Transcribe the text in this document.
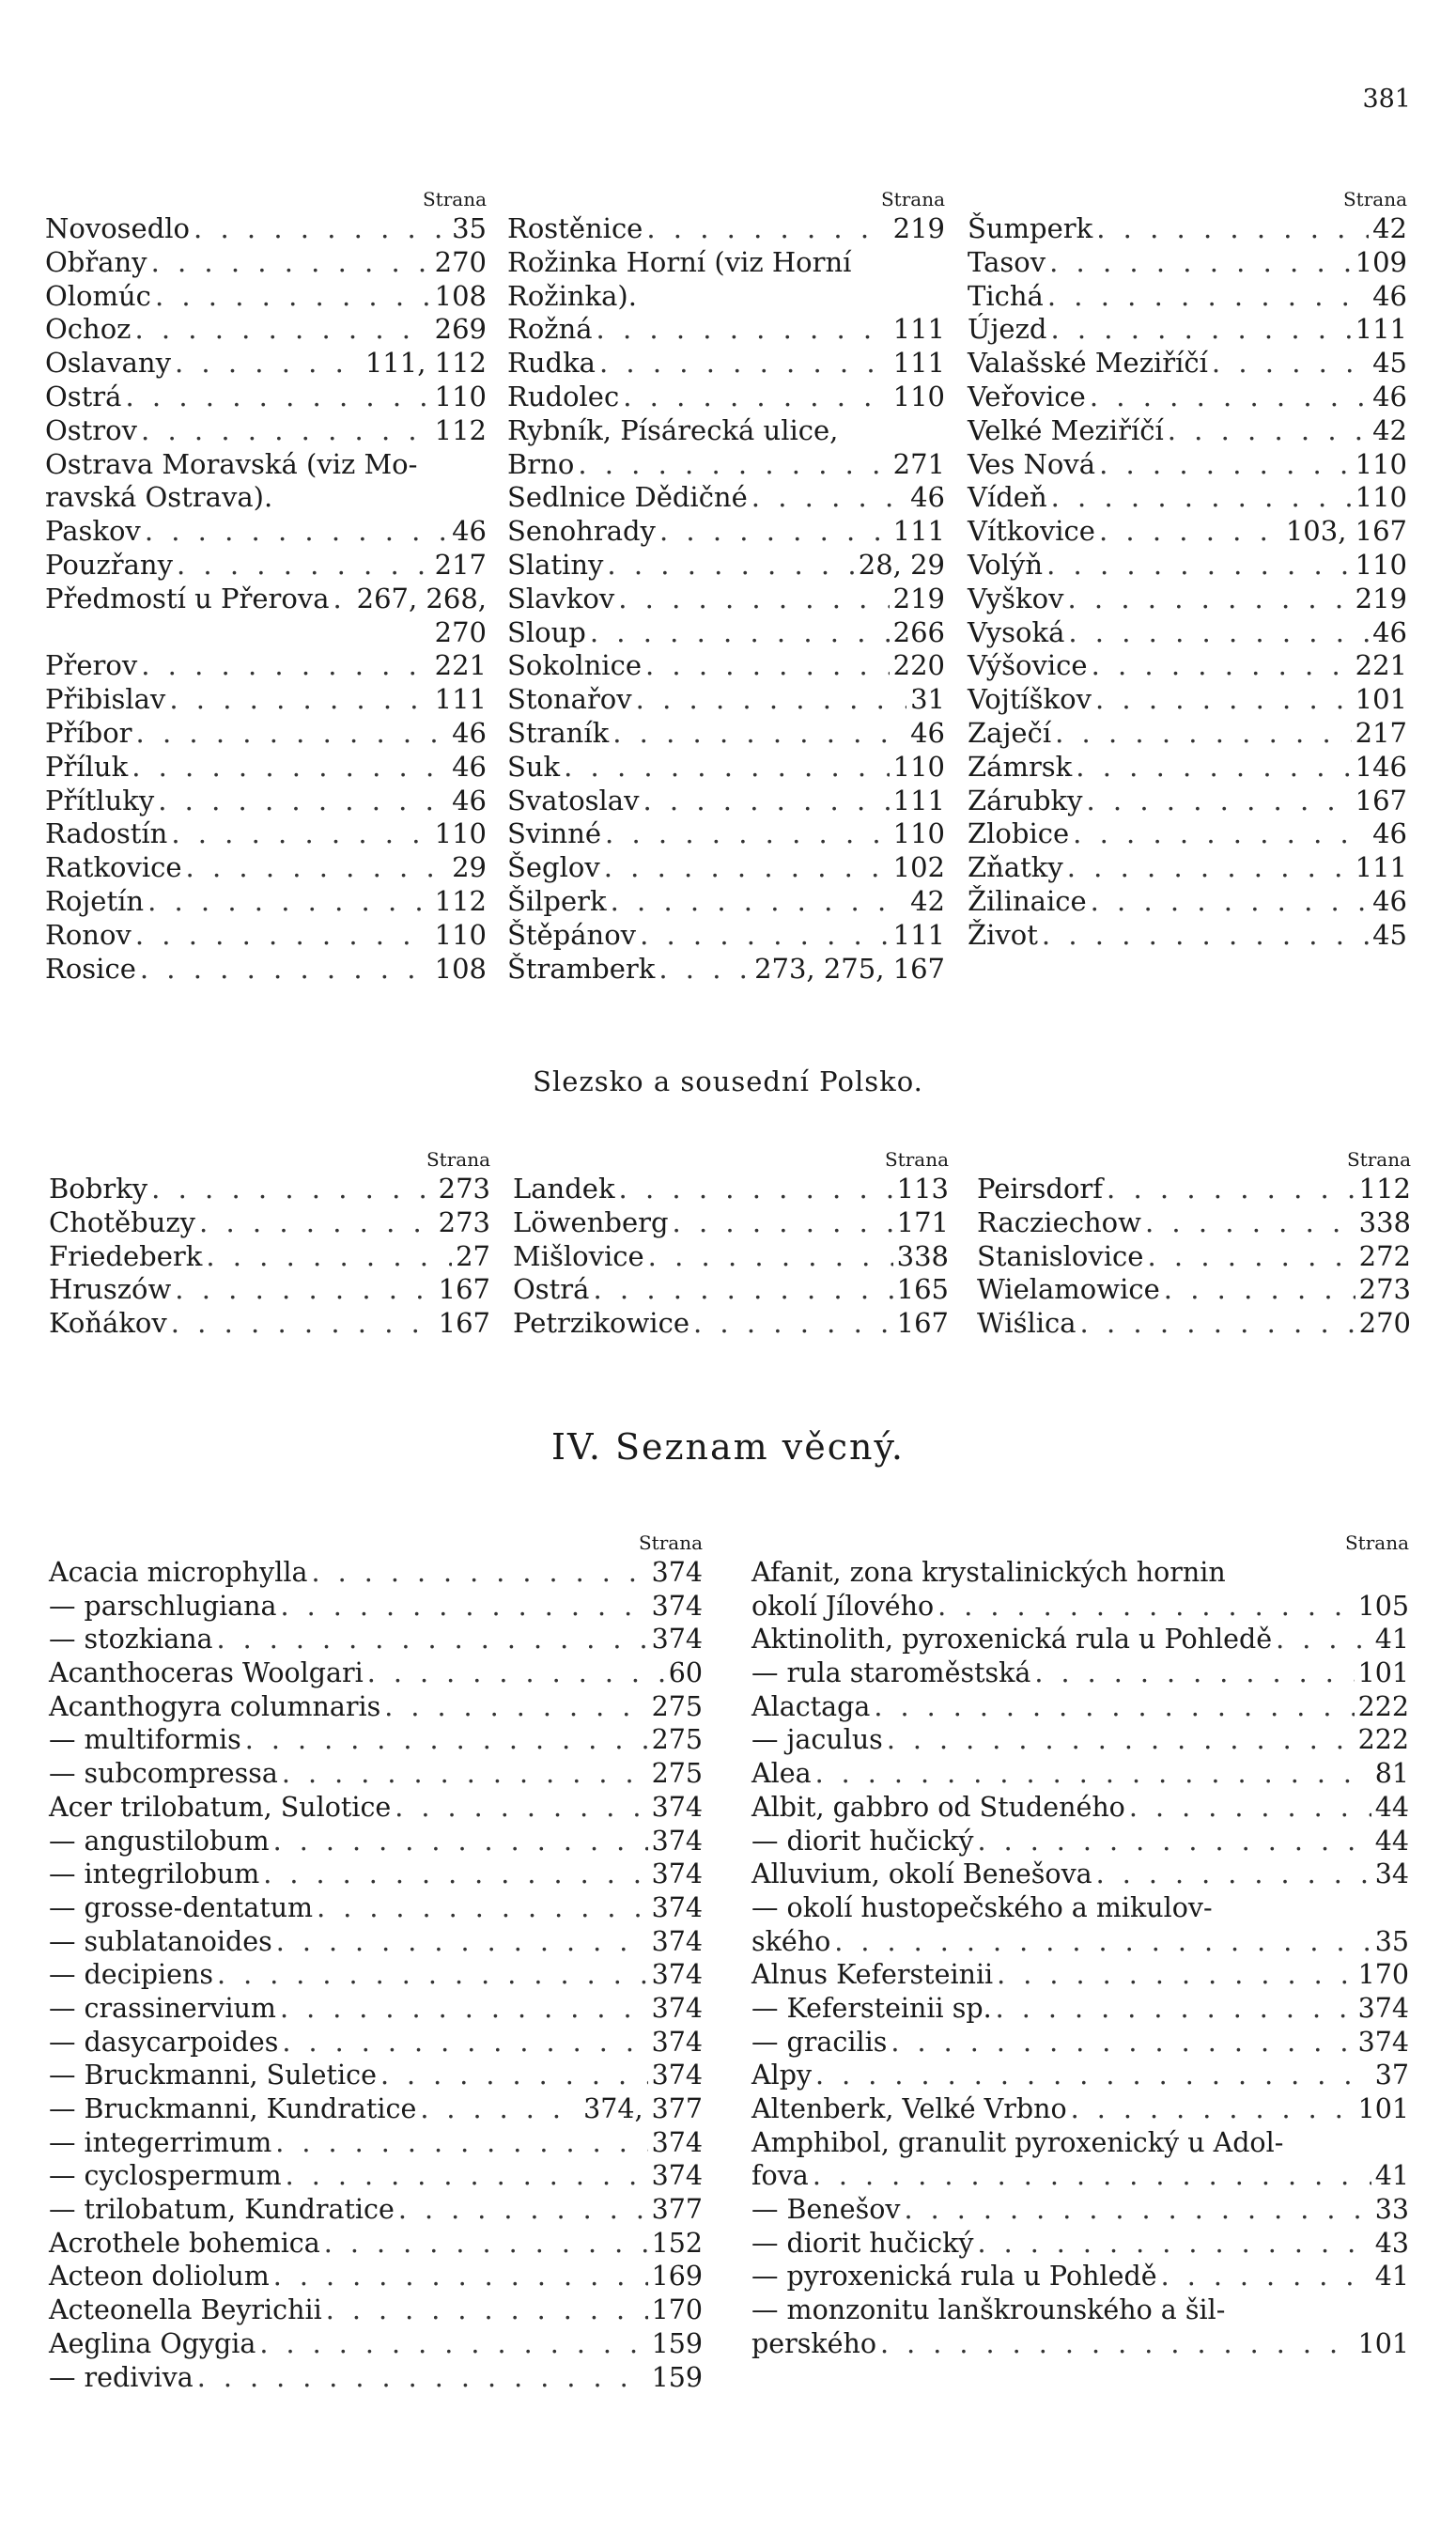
381
Strana
Novosedlo . . .	35
Obřany . . .	270
Olomúc . . .	108
Ochoz . . .	269
Oslavany . . .	111, 112
Ostrá . . .	110
Ostrov . . .	112
Ostrava Moravská (viz Mo-
ravská Ostrava).
Paskov . . .	46
Pouzřany . . .	217
Předmostí u Přerova . . . 267, 268,
270
Přerov . . .	221
Přibislav . . .	111
Příbor . . .	46
Příluk . . .	46
Přítluky . . .	46
Radostín . . .	110
Ratkovice . . .	29
Rojetín . . .	112
Ronov . . .	110
Rosice . . .	108
Strana
Rostěnice . . .	219
Rožinka Horní (viz Horní
Rožinka).
Rožná . . .	111
Rudka . . .	111
Rudolec . . .	110
Rybník, Písárecká ulice,
Brno . . .	271
Sedlnice Dědičné . . .	46
Senohrady . . .	111
Slatiny . . .	28, 29
Slavkov . . .	219
Sloup . . .	266
Sokolnice . . .	220
Stonařov . . .	31
Straník . . .	46
Suk . . .	110
Svatoslav . . .	111
Svinné . . .	110
Šeglov . . .	102
Šilperk . . .	42
Štěpánov . . .	111
Štramberk . . .	273, 275, 167
Strana
Šumperk . . .	42
Tasov . . .	109
Tichá . . .	46
Újezd . . .	111
Valašské Meziříčí . . .	45
Veřovice . . .	46
Velké Meziříčí . . .	42
Ves Nová . . .	110
Vídeň . . .	110
Vítkovice . . .	103, 167
Volýň . . .	110
Vyškov . . .	219
Vysoká . . .	46
Výšovice . . .	221
Vojtíškov . . .	101
Zaječí . . .	217
Zámrsk . . .	146
Zárubky . . .	167
Zlobice . . .	46
Zňatky . . .	111
Žilinaice . . .	46
Život . . .	45
Slezsko a sousední Polsko.
Strana
Bobrky . . .	273
Chotěbuzy . . .	273
Friedeberk . . .	27
Hruszów . . .	167
Koňákov . . .	167
Strana
Landek . . .	113
Löwenberg . . .	171
Mišlovice . . .	338
Ostrá . . .	165
Petrzikowice . . .	167
Strana
Peirsdorf . . .	112
Racziechow . . .	338
Stanislovice . . .	272
Wielamowice . . .	273
Wiślica . . .	270
IV. Seznam věcný.
Strana
Acacia microphylla . . .	374
— parschlugiana . . .	374
— stozkiana . . .	374
Acanthoceras Woolgari . . .	60
Acanthogyra columnaris . . .	275
— multiformis . . .	275
— subcompressa . . .	275
Acer trilobatum, Sulotice . . .	374
— angustilobum . . .	374
— integrilobum . . .	374
— grosse-dentatum . . .	374
— sublatanoides . . .	374
— decipiens . . .	374
— crassinervium . . .	374
— dasycarpoides . . .	374
— Bruckmanni, Suletice . . .	374
— Bruckmanni, Kundratice . . .	374, 377
— integerrimum . . .	374
— cyclospermum . . .	374
— trilobatum, Kundratice . . .	377
Acrothele bohemica . . .	152
Acteon doliolum . . .	169
Acteonella Beyrichii . . .	170
Aeglina Ogygia . . .	159
— rediviva . . .	159
Strana
Afanit, zona krystalinických hornin
okolí Jílového . . .	105
Aktinolith, pyroxenická rula u Pohledě . . .	41
— rula staroměstská . . .	101
Alactaga . . .	222
— jaculus . . .	222
Alea . . .	81
Albit, gabbro od Studeného . . .	44
— diorit hučický . . .	44
Alluvium, okolí Benešova . . .	34
— okolí hustopečského a mikulov-
ského . . .	35
Alnus Kefersteinii . . .	170
— Kefersteinii sp. . . .	374
— gracilis . . .	374
Alpy . . .	37
Altenberk, Velké Vrbno . . .	101
Amphibol, granulit pyroxenický u Adol-
fova . . .	41
— Benešov . . .	33
— diorit hučický . . .	43
— pyroxenická rula u Pohledě . . .	41
— monzonitu lanškrounského a šil-
perského . . .	101
